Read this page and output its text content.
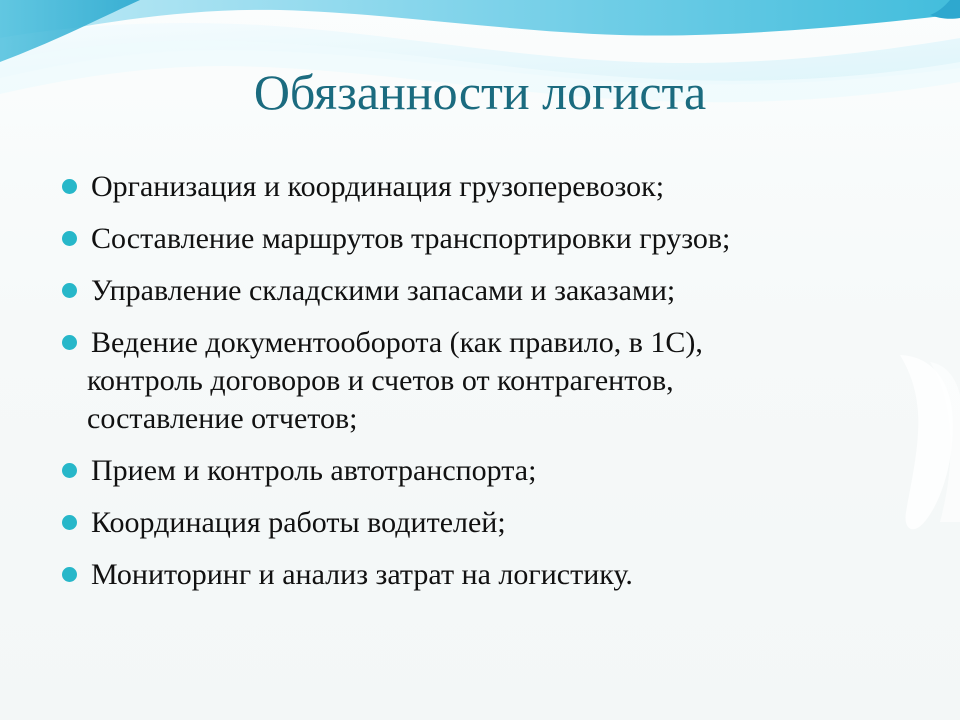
Обязанности логиста
Организация и координация грузоперевозок;
Составление маршрутов транспортировки грузов;
Управление складскими запасами и заказами;
Ведение документооборота (как правило, в 1С),
контроль договоров и счетов от контрагентов,
составление отчетов;
Прием и контроль автотранспорта;
Координация работы водителей;
Мониторинг и анализ затрат на логистику.
